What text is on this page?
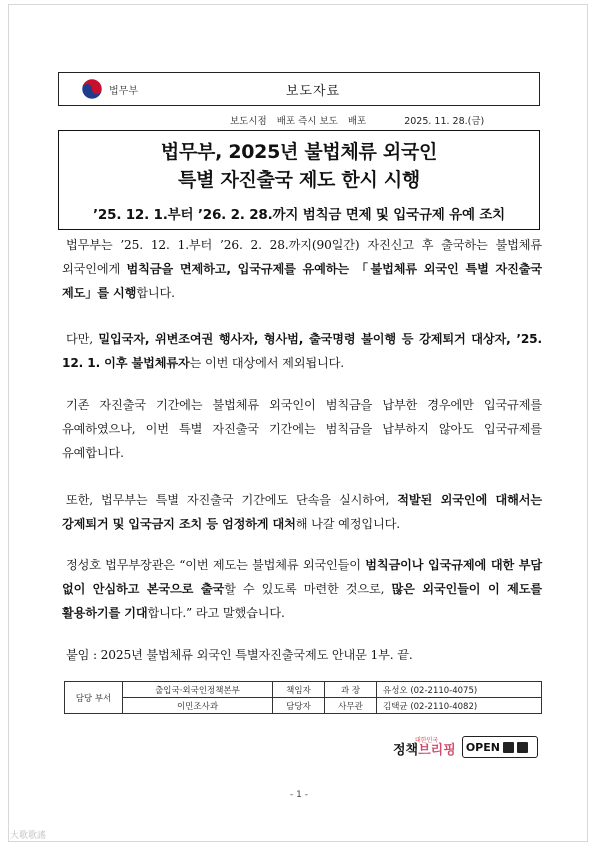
법무부	보도자료
보도시점 배포 즉시 보도 배포	2025. 11. 28.(금)
법무부, 2025년 불법체류 외국인
특별 자진출국 제도 한시 시행
’25. 12. 1.부터 ’26. 2. 28.까지 범칙금 면제 및 입국규제 유예 조치
법무부는 ’25. 12. 1.부터 ’26. 2. 28.까지(90일간) 자진신고 후 출국하는 불법체류 외국인에게 범칙금을 면제하고, 입국규제를 유예하는 「불법체류 외국인 특별 자진출국 제도」를 시행합니다.
다만, 밀입국자, 위변조여권 행사자, 형사범, 출국명령 불이행 등 강제퇴거 대상자, ’25. 12. 1. 이후 불법체류자는 이번 대상에서 제외됩니다.
기존 자진출국 기간에는 불법체류 외국인이 범칙금을 납부한 경우에만 입국규제를 유예하였으나, 이번 특별 자진출국 기간에는 범칙금을 납부하지 않아도 입국규제를 유예합니다.
또한, 법무부는 특별 자진출국 기간에도 단속을 실시하여, 적발된 외국인에 대해서는 강제퇴거 및 입국금지 조치 등 엄정하게 대처해 나갈 예정입니다.
정성호 법무부장관은 “이번 제도는 불법체류 외국인들이 범칙금이나 입국규제에 대한 부담 없이 안심하고 본국으로 출국할 수 있도록 마련한 것으로, 많은 외국인들이 이 제도를 활용하기를 기대합니다.” 라고 말했습니다.
붙임 : 2025년 불법체류 외국인 특별자진출국제도 안내문 1부. 끝.
담당 부서	출입국·외국인정책본부	책임자	과 장	유성오 (02-2110-4075)
	이민조사과	담당자	사무관	김택균 (02-2110-4082)
대한민국
정책브리핑 OPEN
- 1 -
大歌歌謠
